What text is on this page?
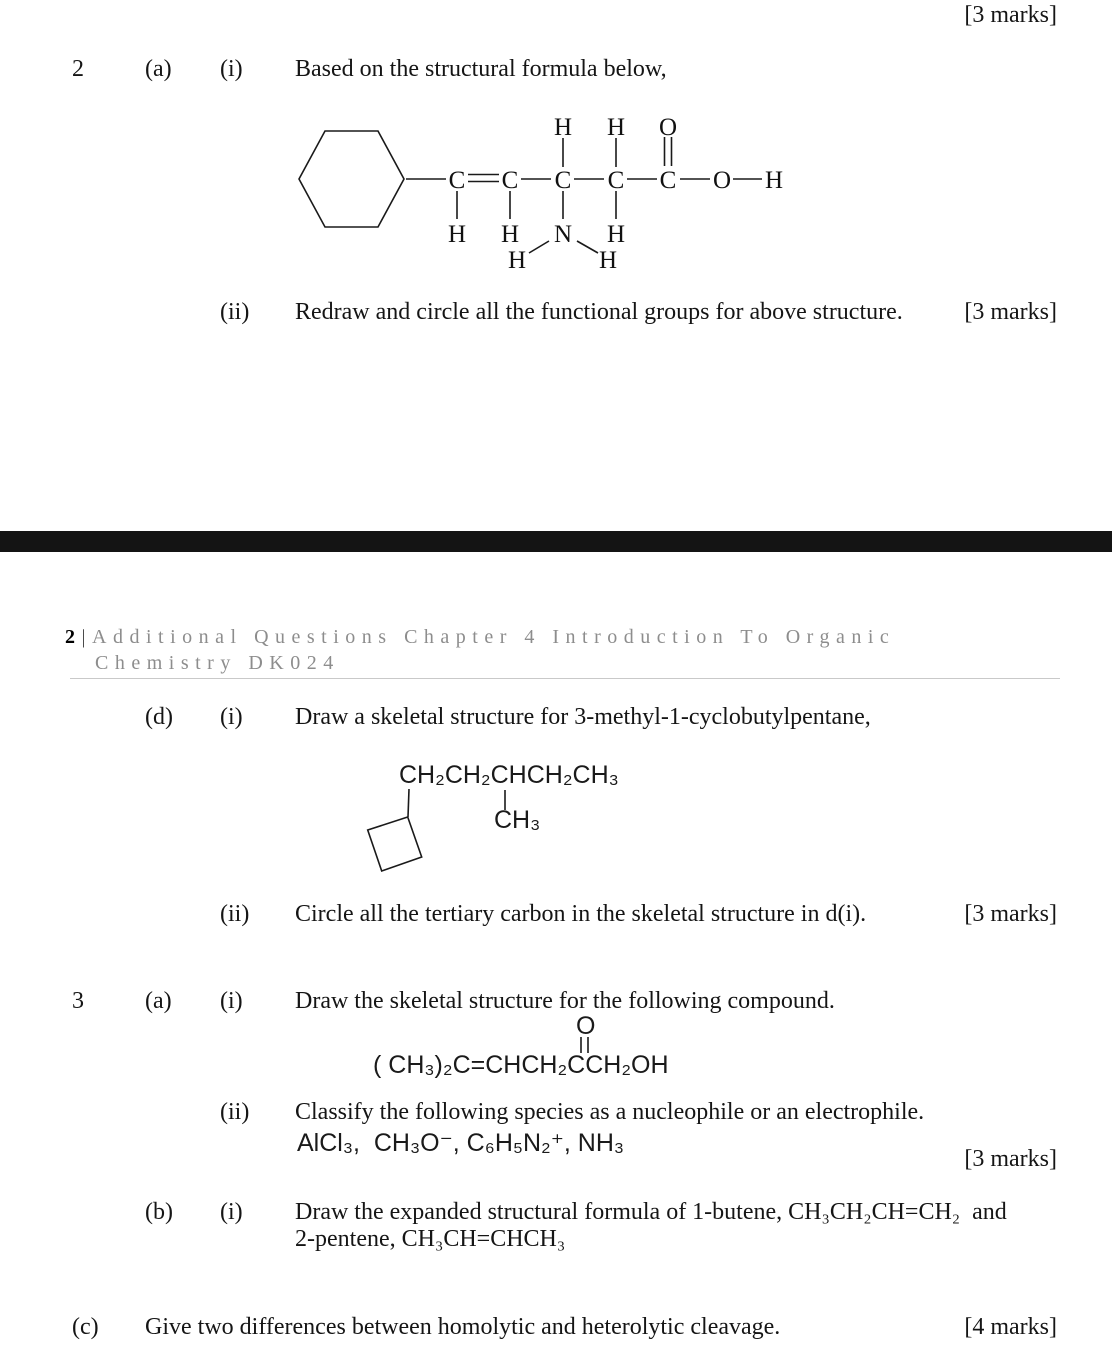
[3 marks]
2	(a) (i) Based on the structural formula below,
C C C C C O H
H H O
H H N H
H	H
(ii) Redraw and circle all the functional groups for above structure.	[3 marks]
2|Additional Questions Chapter 4 Introduction To Organic
Chemistry DK024
(d) (i) Draw a skeletal structure for 3-methyl-1-cyclobutylpentane,
CH₂CH₂CHCH₂CH₃
CH₃
(ii) Circle all the tertiary carbon in the skeletal structure in d(i).	[3 marks]
3	(a) (i) Draw the skeletal structure for the following compound.
O
( CH₃)₂C=CHCH₂CCH₂OH
(ii) Classify the following species as a nucleophile or an electrophile.
AlCl₃,  CH₃O⁻, C₆H₅N₂⁺, NH₃
[3 marks]
(b) (i) Draw the expanded structural formula of 1-butene, CH₃CH₂CH=CH₂  and
2-pentene, CH₃CH=CHCH₃
(c) Give two differences between homolytic and heterolytic cleavage.	[4 marks]
